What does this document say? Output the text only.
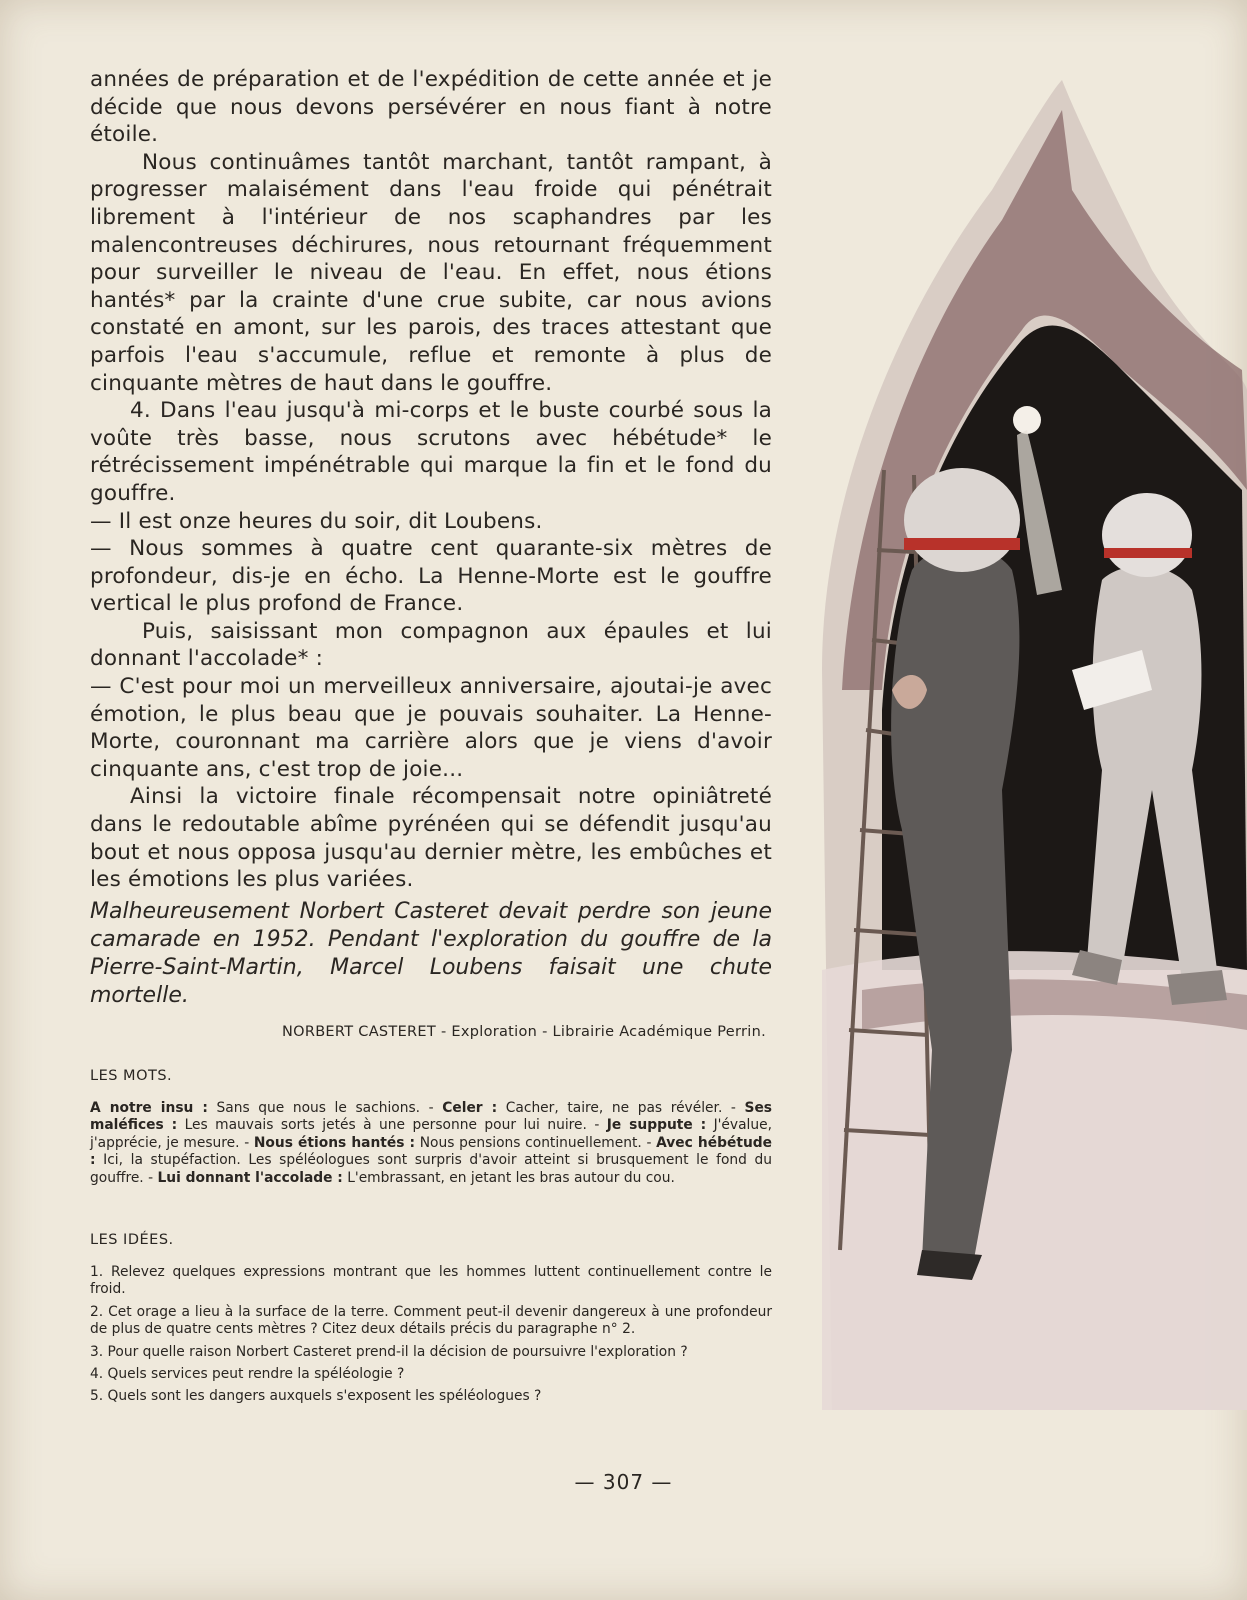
années de préparation et de l'expédition de cette année et je décide que nous devons persévérer en nous fiant à notre étoile.

Nous continuâmes tantôt marchant, tantôt rampant, à progresser malaisément dans l'eau froide qui pénétrait librement à l'intérieur de nos scaphandres par les malencontreuses déchirures, nous retournant fréquemment pour surveiller le niveau de l'eau. En effet, nous étions hantés* par la crainte d'une crue subite, car nous avions constaté en amont, sur les parois, des traces attestant que parfois l'eau s'accumule, reflue et remonte à plus de cinquante mètres de haut dans le gouffre.

4. Dans l'eau jusqu'à mi-corps et le buste courbé sous la voûte très basse, nous scrutons avec hébétude* le rétrécissement impénétrable qui marque la fin et le fond du gouffre.

— Il est onze heures du soir, dit Loubens.

— Nous sommes à quatre cent quarante-six mètres de profondeur, dis-je en écho. La Henne-Morte est le gouffre vertical le plus profond de France.

Puis, saisissant mon compagnon aux épaules et lui donnant l'accolade* :

— C'est pour moi un merveilleux anniversaire, ajoutai-je avec émotion, le plus beau que je pouvais souhaiter. La Henne-Morte, couronnant ma carrière alors que je viens d'avoir cinquante ans, c'est trop de joie...

Ainsi la victoire finale récompensait notre opiniâtreté dans le redoutable abîme pyrénéen qui se défendit jusqu'au bout et nous opposa jusqu'au dernier mètre, les embûches et les émotions les plus variées.

Malheureusement Norbert Casteret devait perdre son jeune camarade en 1952. Pendant l'exploration du gouffre de la Pierre-Saint-Martin, Marcel Loubens faisait une chute mortelle.

NORBERT CASTERET - Exploration - Librairie Académique Perrin.

LES MOTS.

A notre insu : Sans que nous le sachions. - Celer : Cacher, taire, ne pas révéler. - Ses maléfices : Les mauvais sorts jetés à une personne pour lui nuire. - Je suppute : J'évalue, j'apprécie, je mesure. - Nous étions hantés : Nous pensions continuellement. - Avec hébétude : Ici, la stupéfaction. Les spéléologues sont surpris d'avoir atteint si brusquement le fond du gouffre. - Lui donnant l'accolade : L'embrassant, en jetant les bras autour du cou.

LES IDÉES.

1. Relevez quelques expressions montrant que les hommes luttent continuellement contre le froid.
2. Cet orage a lieu à la surface de la terre. Comment peut-il devenir dangereux à une profondeur de plus de quatre cents mètres ? Citez deux détails précis du paragraphe n° 2.
3. Pour quelle raison Norbert Casteret prend-il la décision de poursuivre l'exploration ?
4. Quels services peut rendre la spéléologie ?
5. Quels sont les dangers auxquels s'exposent les spéléologues ?
— 307 —
